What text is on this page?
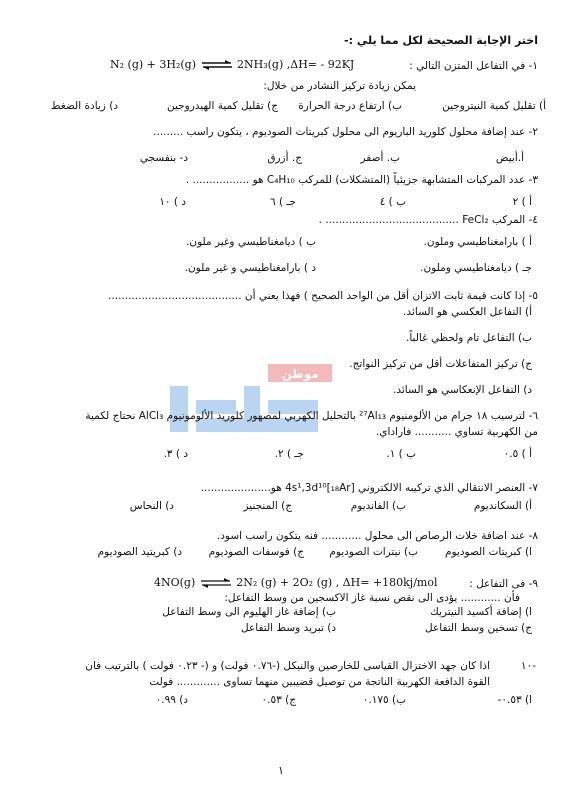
اختر الإجابة الصحيحة لكل مما يلي :-
١- في التفاعل المتزن التالي :
N₂ (g) + 3H₂(g) ⇌ 2NH₃(g) ,ΔH= - 92KJ
يمكن زيادة تركيز النشادر من خلال:
أ) تقليل كمية النيتروجين
ب) ارتفاع درجة الحرارة
ج) تقليل كمية الهيدروجين
د) زيادة الضغط
٢- عند إضافة محلول كلوريد الباريوم الى محلول كبريتات الصوديوم ، يتكون راسب .........
أ.أبيض
ب. أصفر
ج. أزرق
د- بنفسجي
٣- عدد المركبات المتشابهة جزيئياً (المتشكلات) للمركب C₄H₁₀ هو ................. .
أ ) ٢
ب ) ٤
جـ ) ٦
د ) ١٠
٤- المركب FeCl₂ ........................................ .
أ ) بارامغناطيسي وملون.
ب ) ديامغناطيسي وغير ملون.
جـ ) ديامغناطيسي وملون.
د ) بارامغناطيسي و غير ملون.
٥- إذا كانت قيمة ثابت الاتزان أقل من الواحد الصحيح ) فهذا يعني أن ........................................
أ) التفاعل العكسي هو السائد.
ب) التفاعل تام ولحظي غالباً.
ج) تركيز المتفاعلات أقل من تركيز النواتج.
د) التفاعل الإنعكاسي هو السائد.
موطن
٦- لترسيب ١٨ جرام من الألومنيوم ²⁷Al₁₃ بالتحليل الكهربي لمصهور كلوريد الألومونيوم AlCl₃ نحتاج لكمية
من الكهربية تساوي ........... فاراداي.
أ ) ٠.٥
ب ) ١.
جـ ) ٢.
د ) ٣.
٧- العنصر الانتقالي الذي تركيبه الالكتروني [₁₈Ar]4s¹,3d¹⁰ هو.....................
أ) السكانديوم
ب) الفانديوم
ج) المنجنيز
د) النحاس
٨- عند اضافة خلات الرصاص الى محلول ............ فنه يتكون راسب اسود.
ا) كبريتات الصوديوم
ب) نيترات الصوديوم
ج) فوسفات الصوديوم
د) كبريتيد الصوديوم
٩- فى التفاعل :
4NO(g) ⇌ 2N₂ (g) + 2O₂ (g) , ΔH= +180kj/mol
فأن ............ يؤدى الى نقص نسبة غاز الاكسجين من وسط التفاعل:
ا) إضافة أكسيد النيتريك
ب) إضافة غاز الهليوم الى وسط التفاعل
ج) تسخين وسط التفاعل
د) تبريد وسط التفاعل
-١٠
اذا كان جهد الاختزال القياسى للخارصين والنيكل (-٠.٧٦ فولت) و (- ٠.٢٣ فولت ) بالترتيب فان
القوة الدافعة الكهربية الناتجة من توصيل قضيبين منهما تساوى ............. فولت
ا) ٠.٥٣-
ب) ٠.١٧٥
ج) ٠.٥٣
د) ٠.٩٩
١
